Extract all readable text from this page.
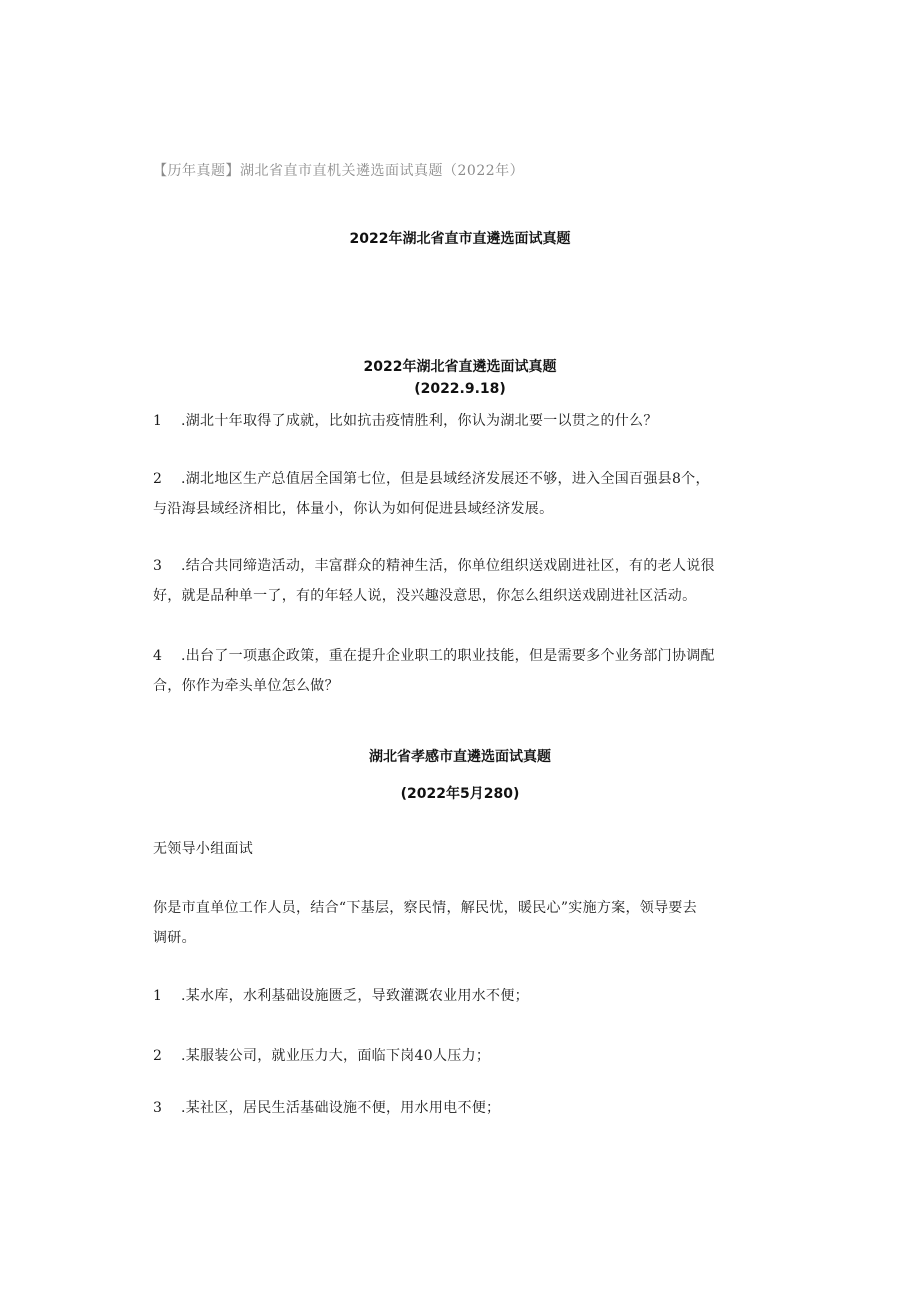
【历年真题】湖北省直市直机关遴选面试真题（2022年）
2022年湖北省直市直遴选面试真题
2022年湖北省直遴选面试真题
(2022.9.18)
1 .湖北十年取得了成就，比如抗击疫情胜利，你认为湖北要一以贯之的什么？
2 .湖北地区生产总值居全国第七位，但是县域经济发展还不够，进入全国百强县8个，
与沿海县域经济相比，体量小，你认为如何促进县域经济发展。
3 .结合共同缔造活动，丰富群众的精神生活，你单位组织送戏剧进社区，有的老人说很
好，就是品种单一了，有的年轻人说，没兴趣没意思，你怎么组织送戏剧进社区活动。
4 .出台了一项惠企政策，重在提升企业职工的职业技能，但是需要多个业务部门协调配
合，你作为牵头单位怎么做？
湖北省孝感市直遴选面试真题
(2022年5月280)
无领导小组面试
你是市直单位工作人员，结合“下基层，察民情，解民忧，暖民心”实施方案，领导要去
调研。
1 .某水库，水利基础设施匮乏，导致灌溉农业用水不便；
2 .某服装公司，就业压力大，面临下岗40人压力；
3 .某社区，居民生活基础设施不便，用水用电不便；
